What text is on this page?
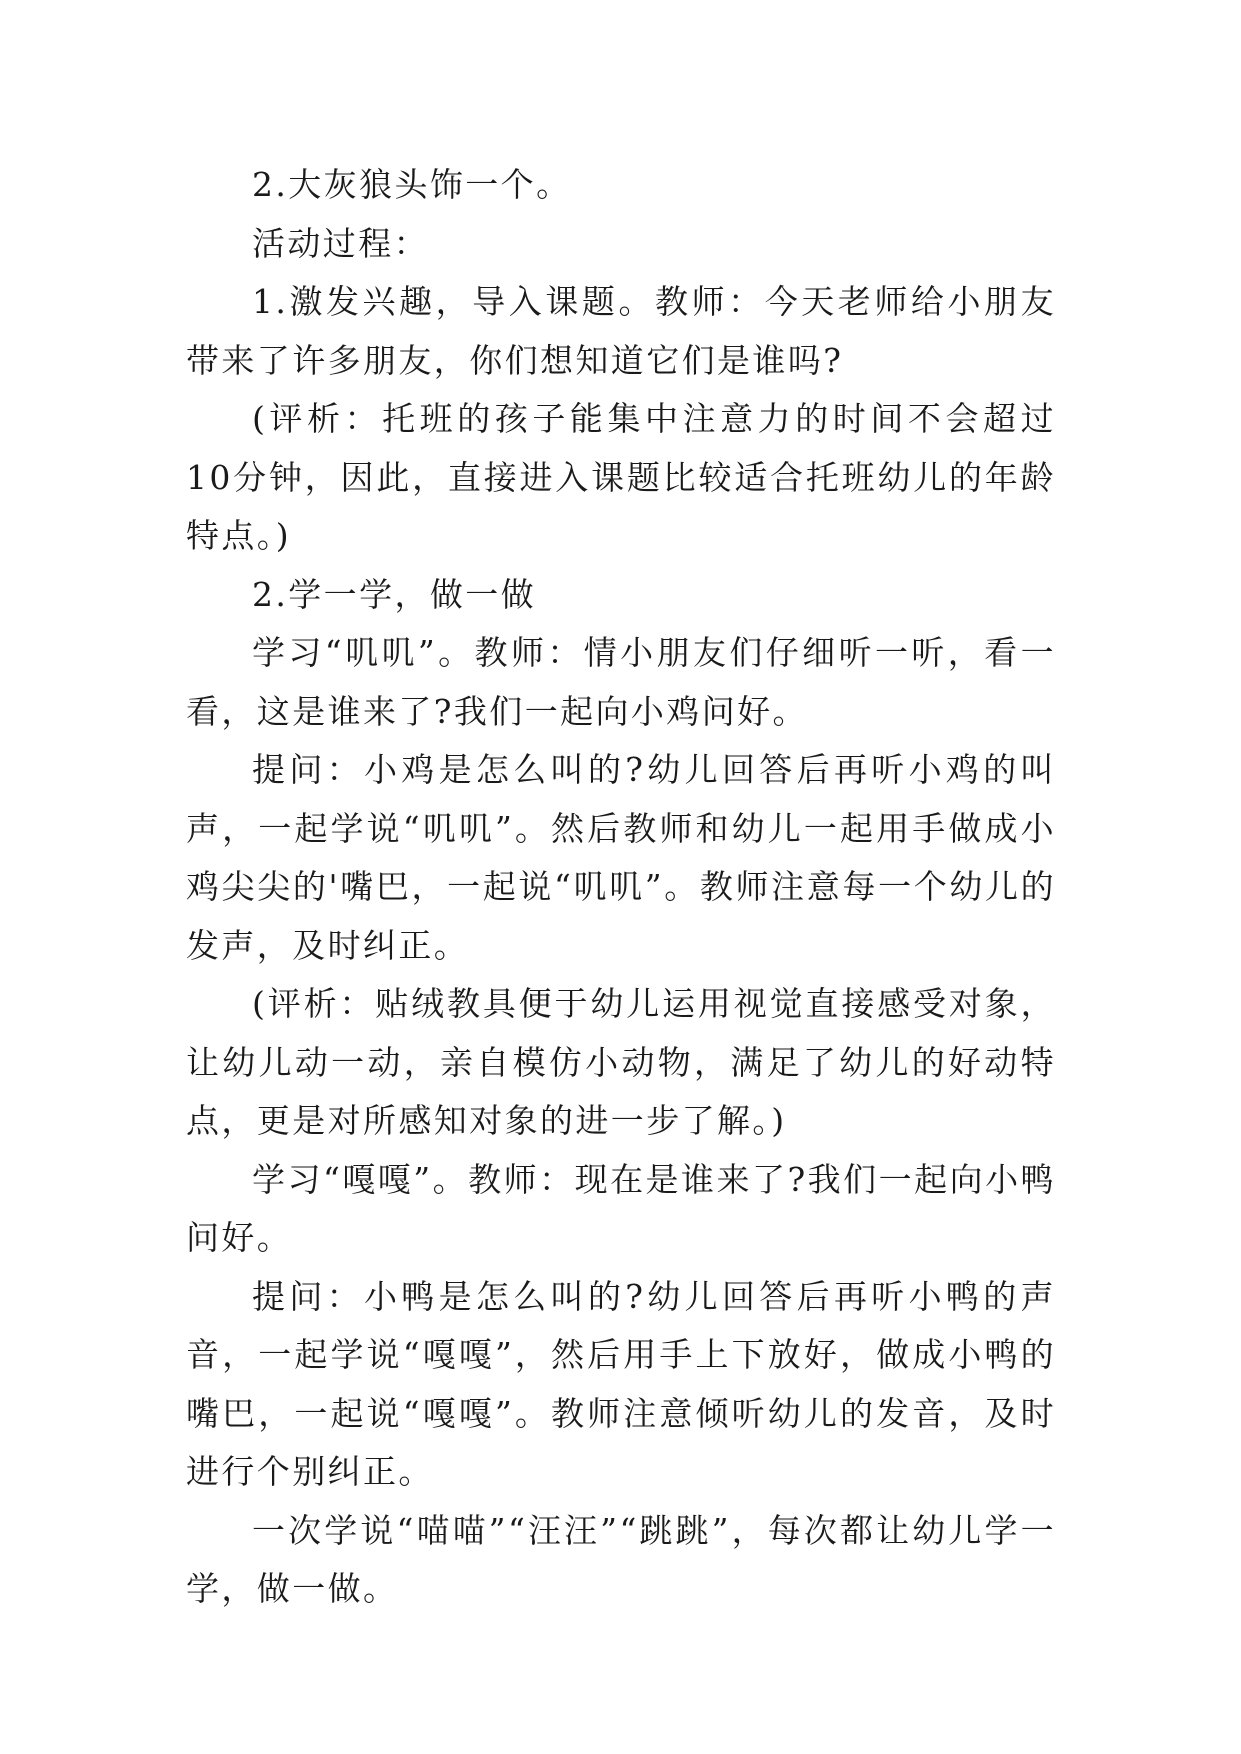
2.大灰狼头饰一个。

活动过程：

1.激发兴趣，导入课题。教师：今天老师给小朋友带来了许多朋友，你们想知道它们是谁吗?

(评析：托班的孩子能集中注意力的时间不会超过10分钟，因此，直接进入课题比较适合托班幼儿的年龄特点。)

2.学一学，做一做

学习“叽叽”。教师：情小朋友们仔细听一听，看一看，这是谁来了?我们一起向小鸡问好。

提问：小鸡是怎么叫的?幼儿回答后再听小鸡的叫声，一起学说“叽叽”。然后教师和幼儿一起用手做成小鸡尖尖的'嘴巴，一起说“叽叽”。教师注意每一个幼儿的发声，及时纠正。

(评析：贴绒教具便于幼儿运用视觉直接感受对象，让幼儿动一动，亲自模仿小动物，满足了幼儿的好动特点，更是对所感知对象的进一步了解。)

学习“嘎嘎”。教师：现在是谁来了?我们一起向小鸭问好。

提问：小鸭是怎么叫的?幼儿回答后再听小鸭的声音，一起学说“嘎嘎”，然后用手上下放好，做成小鸭的嘴巴，一起说“嘎嘎”。教师注意倾听幼儿的发音，及时进行个别纠正。

一次学说“喵喵”“汪汪”“跳跳”，每次都让幼儿学一学，做一做。
